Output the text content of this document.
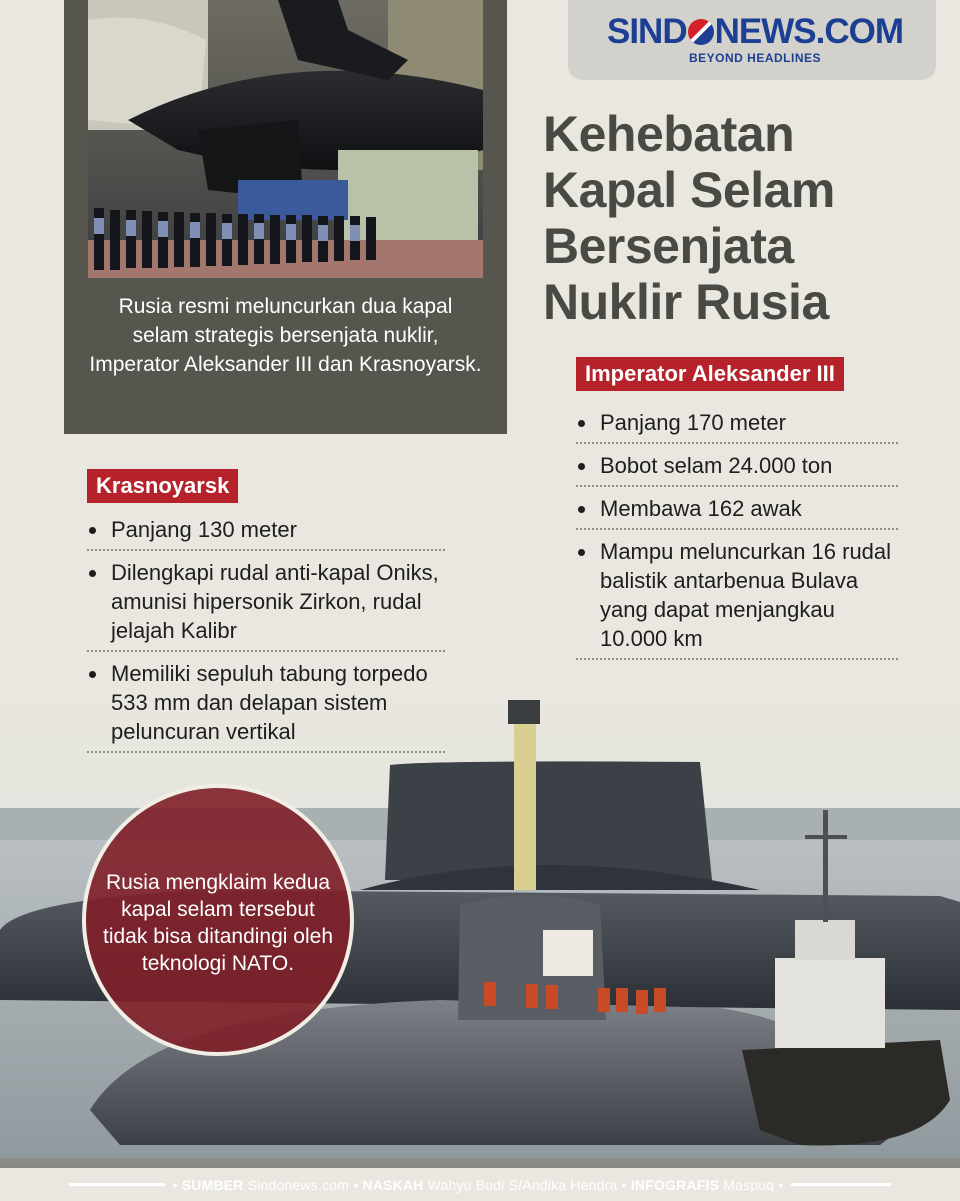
Rusia resmi meluncurkan dua kapal selam strategis bersenjata nuklir, Imperator Aleksander III dan Krasnoyarsk.
SIND NEWS.COM
BEYOND HEADLINES
Kehebatan
Kapal Selam
Bersenjata
Nuklir Rusia
Imperator Aleksander III
Panjang 170 meter
Bobot selam 24.000 ton
Membawa 162 awak
Mampu meluncurkan 16 rudal balistik antarbenua Bulava yang dapat menjangkau 10.000 km
Krasnoyarsk
Panjang 130 meter
Dilengkapi rudal anti-kapal Oniks, amunisi hipersonik Zirkon, rudal jelajah Kalibr
Memiliki sepuluh tabung torpedo 533 mm dan delapan sistem peluncuran vertikal
Rusia mengklaim kedua kapal selam tersebut tidak bisa ditandingi oleh teknologi NATO.
• SUMBER Sindonews.com • NASKAH Wahyu Budi S/Andika Hendra • INFOGRAFIS Maspuq •
